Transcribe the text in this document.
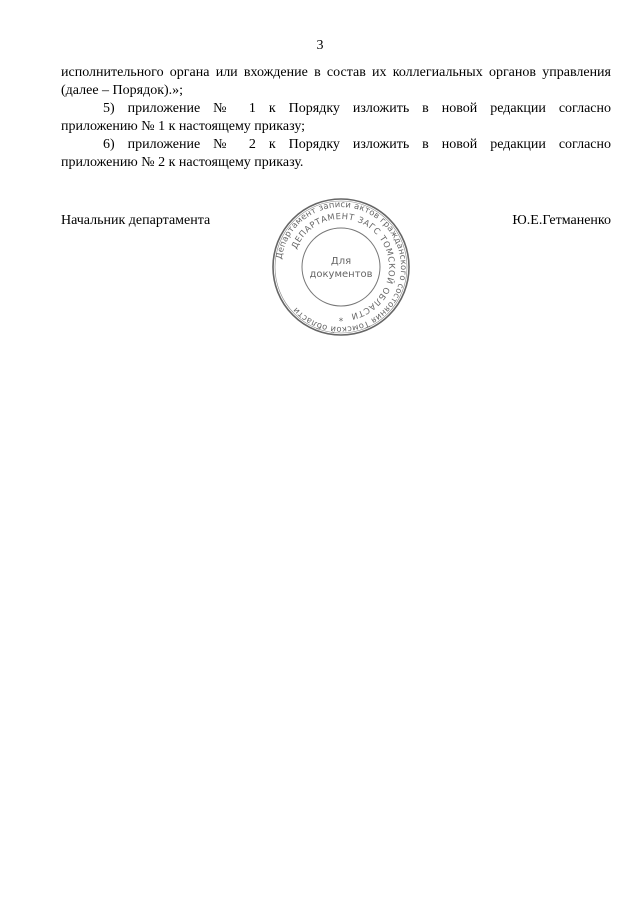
3

исполнительного органа или вхождение в состав их коллегиальных органов управления
(далее – Порядок).»;

5) приложение № 1 к Порядку изложить в новой редакции согласно
приложению № 1 к настоящему приказу;

6) приложение № 2 к Порядку изложить в новой редакции согласно
приложению № 2 к настоящему приказу.

Начальник департамента	Ю.Е.Гетманенко
Департамент записи актов гражданского состояния Томской области
ДЕПАРТАМЕНТ ЗАГС ТОМСКОЙ ОБЛАСТИ
Для
документов
*
